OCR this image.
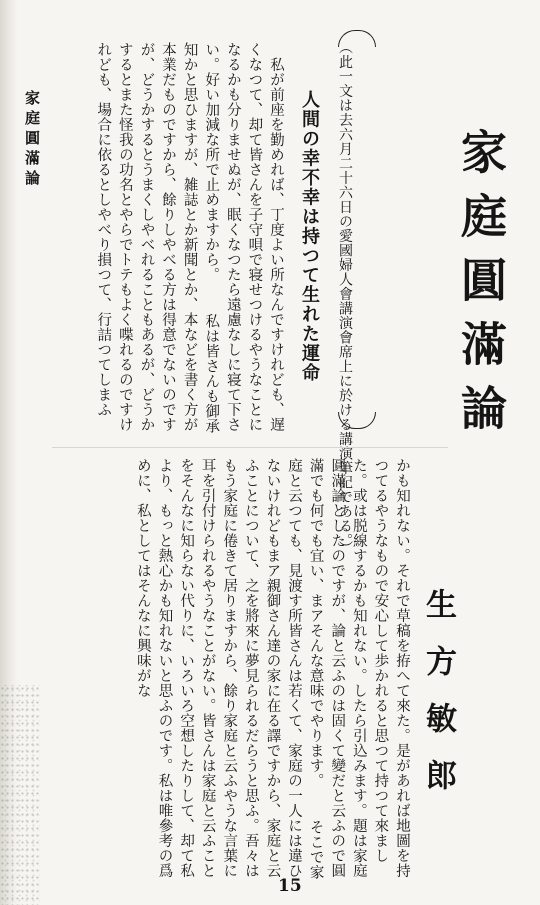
家庭圓滿論
生方敏郎
（此一文は去六月二十六日の愛國婦人會講演會席上に於ける講演筆記である。）
人間の幸不幸は持つて生れた運命

　私が前座を勤めれば、丁度よい所なんですけれども、遅くなつて、却て皆さんを子守唄で寝せつけるやうなことになるかも分りませぬが、眠くなつたら遠慮なしに寝て下さい。好い加減な所で止めますから。 　私は皆さんも御承知かと思ひますが、雑誌とか新聞とか、本などを書く方が本業だものですから、餘りしやべる方は得意でないのですが、どうかするとうまくしやべれることもあるが、どうかするとまた怪我の功名とやらでトテもよく喋れるのですけれども、場合に依るとしやべり損つて、行詰つてしまふ

かも知れない。それで草稿を拵へて來た。是があれば地圖を持つてるやうなもので安心して歩かれると思つて持つて來ました。或は脱線するかも知れない。したら引込みます。題は家庭圓滿論としたのですが、論と云ふのは固くて變だと云ふので圓滿でも何でも宜い、まアそんな意味でやります。 　そこで家庭と云つても、見渡す所皆さんは若くて、家庭の一人には違ひないけれどもまア親御さん達の家に在る譯ですから、家庭と云ふことについて、之を將來に夢見られるだらうと思ふ。吾々はもう家庭に倦きて居りますから、餘り家庭と云ふやうな言葉に耳を引付けられるやうなことがない。皆さんは家庭と云ふことをそんなに知らない代りに、いろいろ空想したりして、却て私より、もっと熱心かも知れないと思ふのです。私は唯參考の爲めに、私としてはそんなに興味がな

家庭圓滿論
15
